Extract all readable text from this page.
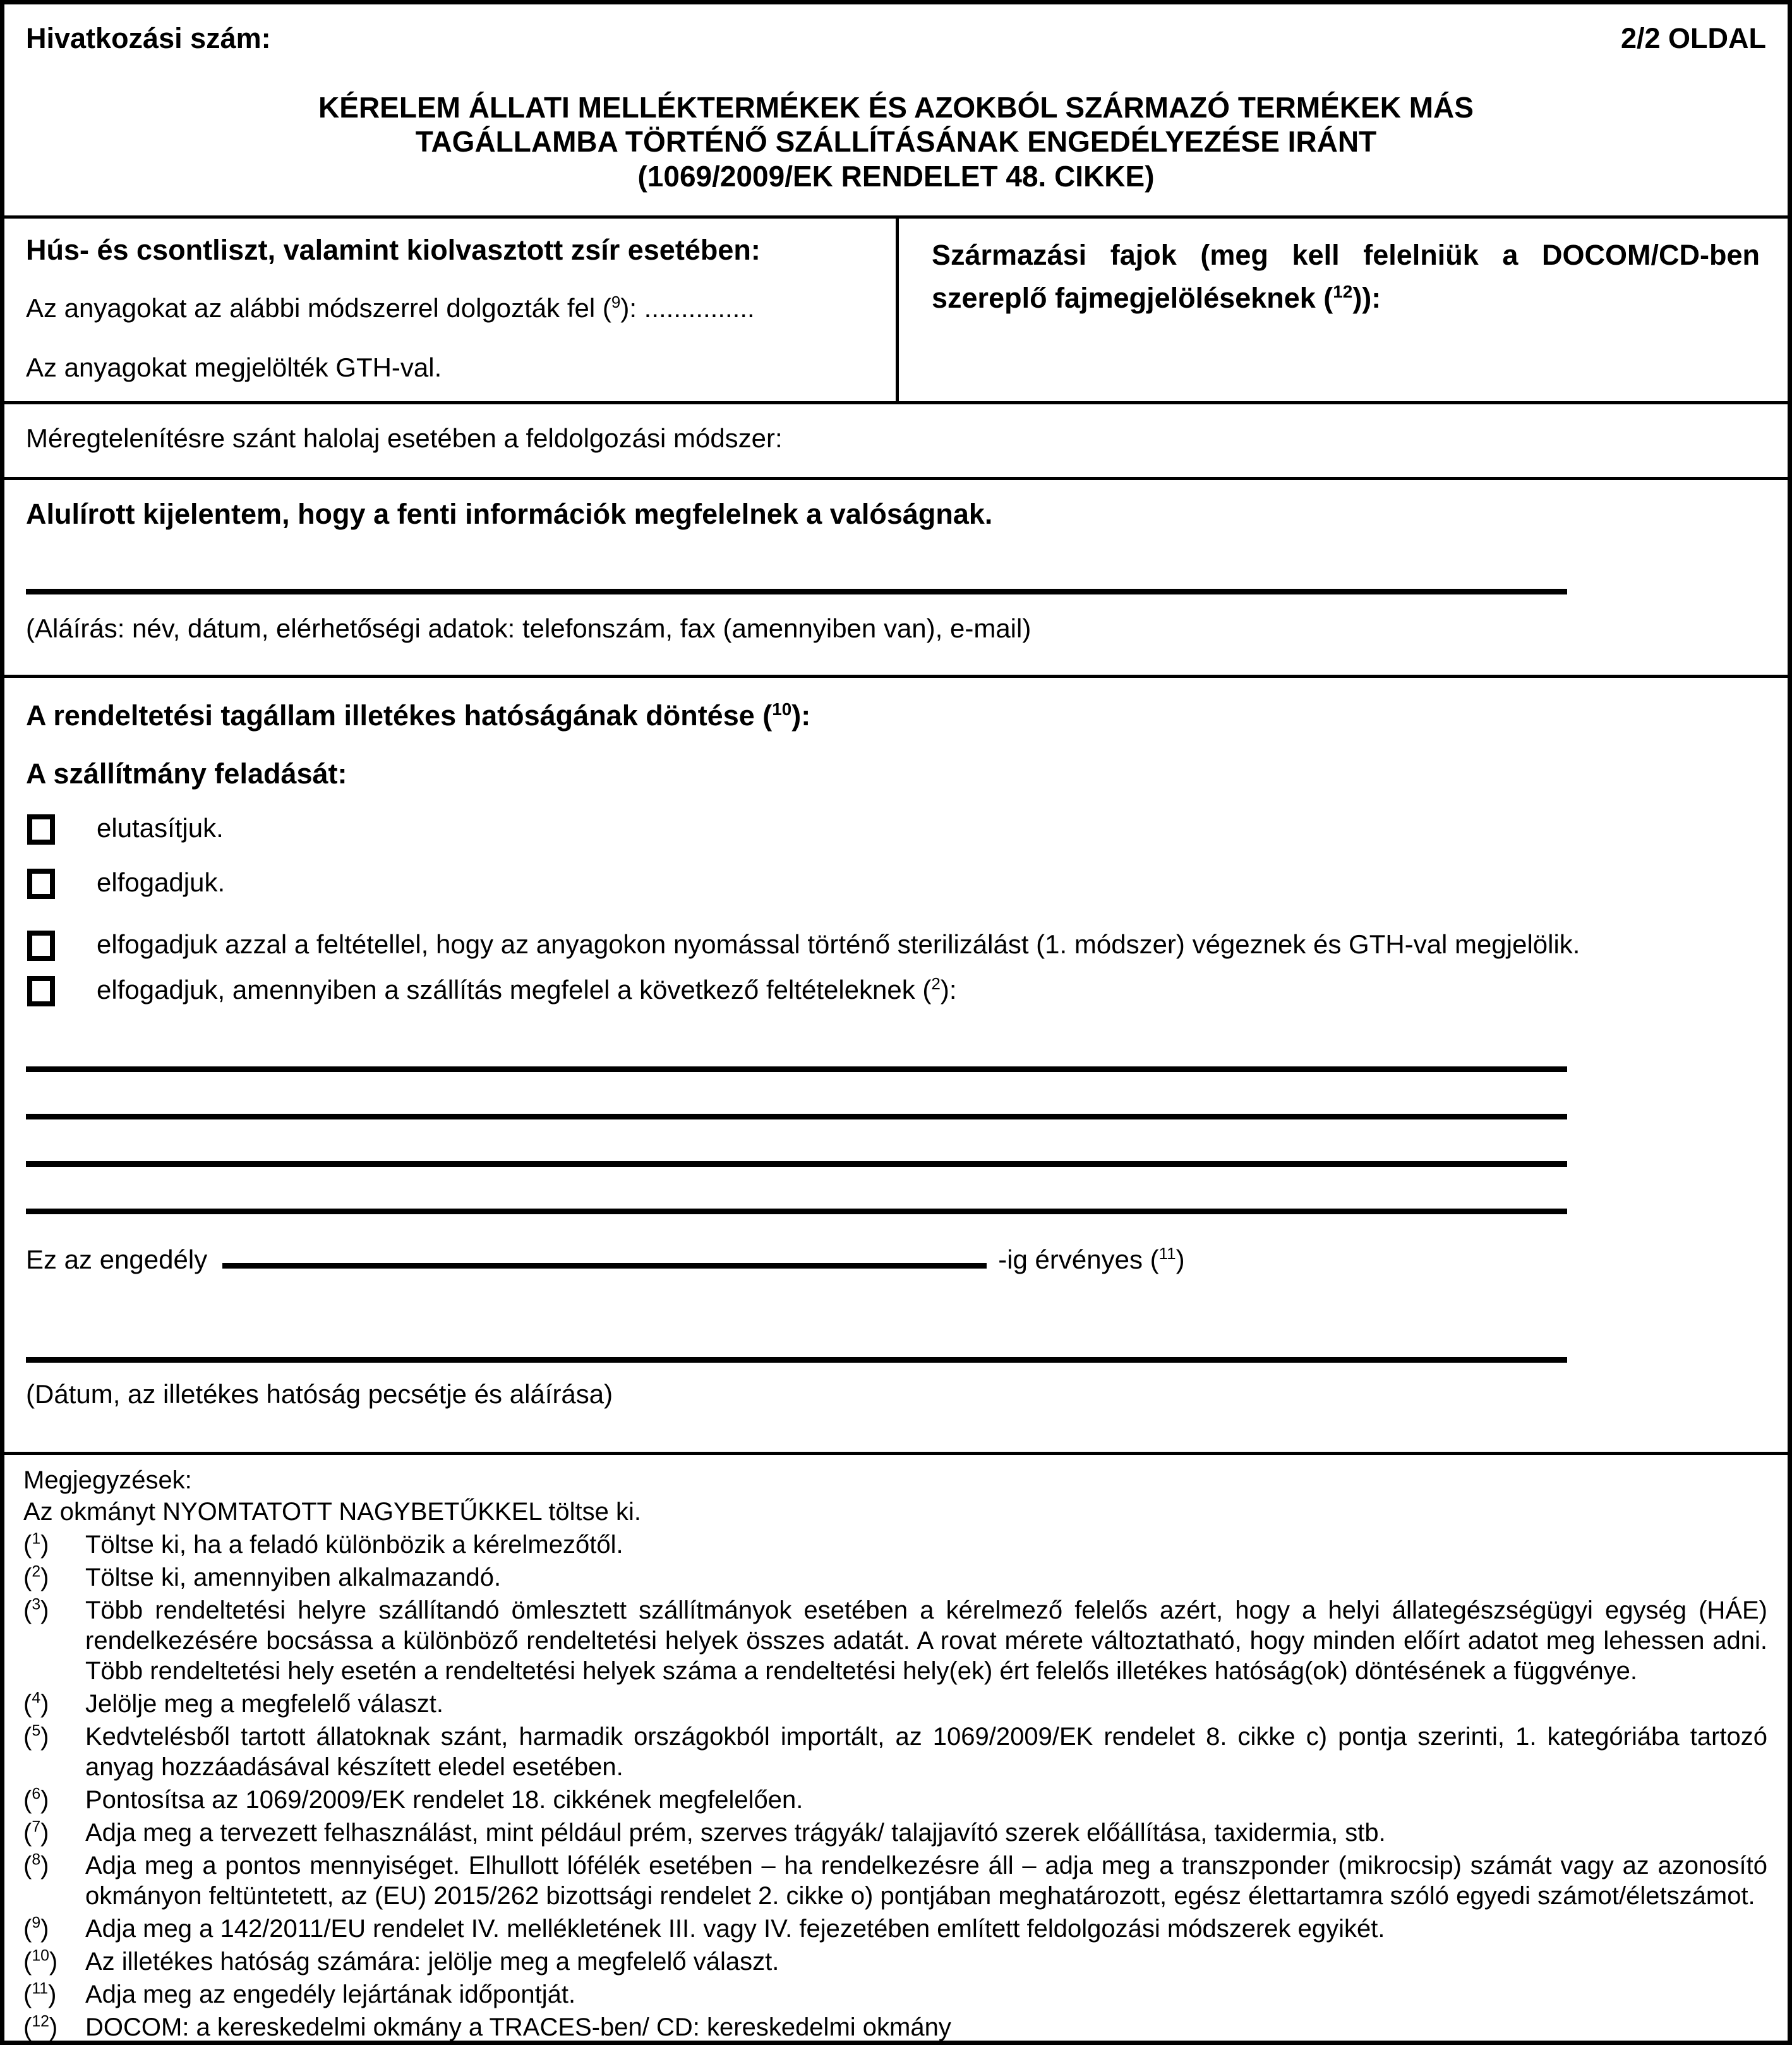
Hivatkozási szám:	2/2 OLDAL
KÉRELEM ÁLLATI MELLÉKTERMÉKEK ÉS AZOKBÓL SZÁRMAZÓ TERMÉKEK MÁS
TAGÁLLAMBA TÖRTÉNŐ SZÁLLÍTÁSÁNAK ENGEDÉLYEZÉSE IRÁNT
(1069/2009/EK RENDELET 48. CIKKE)
Hús- és csontliszt, valamint kiolvasztott zsír esetében:
Az anyagokat az alábbi módszerrel dolgozták fel ($^9$): ...............
Az anyagokat megjelölték GTH-val.
Származási fajok (meg kell felelniük a DOCOM/CD-ben szereplő fajmegjelöléseknek ($^{12}$)):
Méregtelenítésre szánt halolaj esetében a feldolgozási módszer:
Alulírott kijelentem, hogy a fenti információk megfelelnek a valóságnak.
(Aláírás: név, dátum, elérhetőségi adatok: telefonszám, fax (amennyiben van), e-mail)
A rendeltetési tagállam illetékes hatóságának döntése ($^{10}$):
A szállítmány feladását:
elutasítjuk.
elfogadjuk.
elfogadjuk azzal a feltétellel, hogy az anyagokon nyomással történő sterilizálást (1. módszer) végeznek és GTH-val megjelölik.
elfogadjuk, amennyiben a szállítás megfelel a következő feltételeknek ($^2$):
Ez az engedély	-ig érvényes ($^{11}$)
(Dátum, az illetékes hatóság pecsétje és aláírása)
Megjegyzések:
Az okmányt NYOMTATOTT NAGYBETŰKKEL töltse ki.
($^1$)	Töltse ki, ha a feladó különbözik a kérelmezőtől.
($^2$)	Töltse ki, amennyiben alkalmazandó.
($^3$)	Több rendeltetési helyre szállítandó ömlesztett szállítmányok esetében a kérelmező felelős azért, hogy a helyi állategészségügyi egység (HÁE) rendelkezésére bocsássa a különböző rendeltetési helyek összes adatát. A rovat mérete változtatható, hogy minden előírt adatot meg lehessen adni. Több rendeltetési hely esetén a rendeltetési helyek száma a rendeltetési hely(ek) ért felelős illetékes hatóság(ok) döntésének a függvénye.
($^4$)	Jelölje meg a megfelelő választ.
($^5$)	Kedvtelésből tartott állatoknak szánt, harmadik országokból importált, az 1069/2009/EK rendelet 8. cikke c) pontja szerinti, 1. kategóriába tartozó anyag hozzáadásával készített eledel esetében.
($^6$)	Pontosítsa az 1069/2009/EK rendelet 18. cikkének megfelelően.
($^7$)	Adja meg a tervezett felhasználást, mint például prém, szerves trágyák/ talajjavító szerek előállítása, taxidermia, stb.
($^8$)	Adja meg a pontos mennyiséget. Elhullott lófélék esetében – ha rendelkezésre áll – adja meg a transzponder (mikrocsip) számát vagy az azonosító okmányon feltüntetett, az (EU) 2015/262 bizottsági rendelet 2. cikke o) pontjában meghatározott, egész élettartamra szóló egyedi számot/életszámot.
($^9$)	Adja meg a 142/2011/EU rendelet IV. mellékletének III. vagy IV. fejezetében említett feldolgozási módszerek egyikét.
($^{10}$)	Az illetékes hatóság számára: jelölje meg a megfelelő választ.
($^{11}$)	Adja meg az engedély lejártának időpontját.
($^{12}$)	DOCOM: a kereskedelmi okmány a TRACES-ben/ CD: kereskedelmi okmány
